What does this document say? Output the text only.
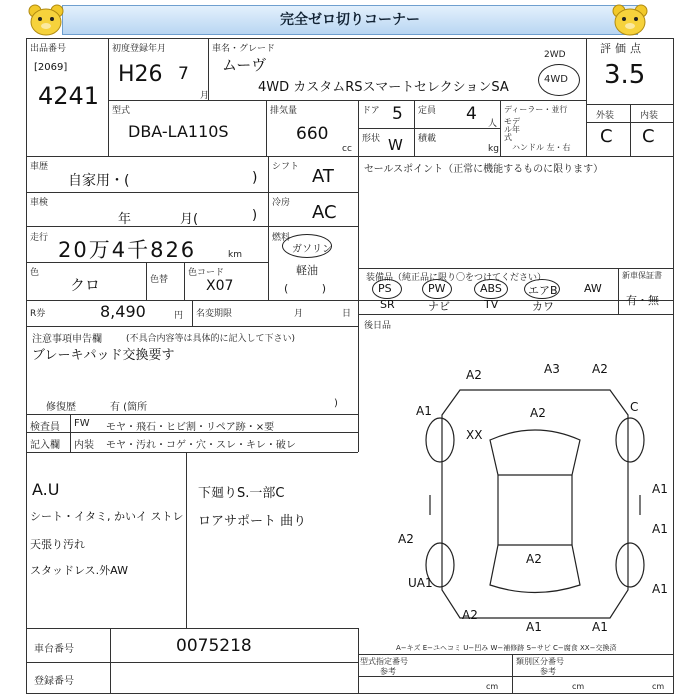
完全ゼロ切りコーナー
出品番号
[2069]
4241
初度登録年月
H26 7
月
車名・グレード
ムーヴ
4WD カスタムRSスマートセレクションSA
2WD
4WD
評価点
3.5
外装	内装
C C
型式
DBA-LA110S
排気量
660
cc
ドア 5 定員 4 人
形状 W 積載
kg
ディーラー・並行
モデル年式
ハンドル 左・右
車歴
自家用・(	)
シフト AT
車検
年	月(	)
冷房 AC
走行 20万4千826	km
燃料
ガソリン
軽油
( )
色
クロ	色替
色コード
X07
R券	8,490	円 名変期限	月	日
セールスポイント（正常に機能するものに限ります）
装備品（純正品に限り〇をつけてください）	新車保証書
有・無
PS	PW	ABS エアB AW
SR	ナビ	TV	カワ
後日品
注意事項申告欄	(不具合内容等は具体的に記入して下さい)
ブレーキパッド交換要す
修復歴	有 (箇所	)
検査員
記入欄
FW モヤ・飛石・ヒビ割・リペア跡・×要
内装 モヤ・汚れ・コゲ・穴・スレ・キレ・破レ
A.U
シート・イタミ, かいイ ストレ
天張り汚れ
スタッドレス.外AW
下廻りS.一部C
ロアサポート 曲り
A2	A3	A2
A1	A2	C
XX
A1
A2
A1
A2
UA1	A1
A2
A1	A1
車台番号	0075218
登録番号
A−キズ E−ユヘコミ U−凹み W−補修跡 S−サビ C−腐食 XX−交換済
型式指定番号
参考
類別区分番号
参考
cm	cm	cm
